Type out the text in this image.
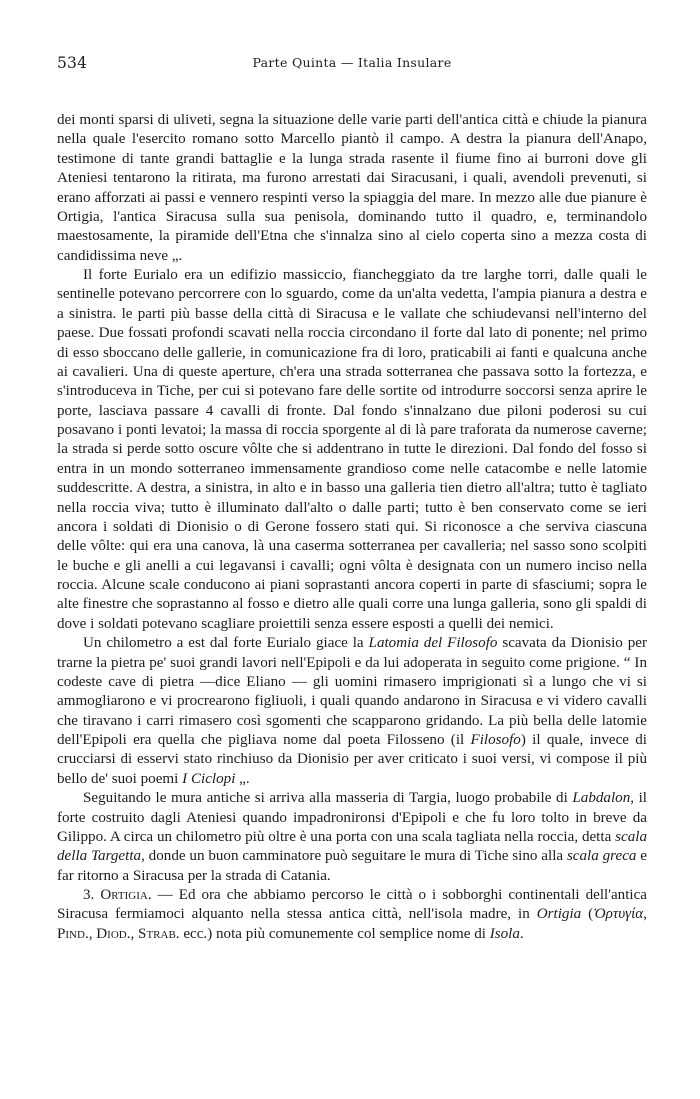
534	Parte Quinta — Italia Insulare

dei monti sparsi di uliveti, segna la situazione delle varie parti dell'antica città e chiude la pianura nella quale l'esercito romano sotto Marcello piantò il campo. A destra la pianura dell'Anapo, testimone di tante grandi battaglie e la lunga strada rasente il fiume fino ai burroni dove gli Ateniesi tentarono la ritirata, ma furono arrestati dai Siracusani, i quali, avendoli prevenuti, si erano afforzati ai passi e vennero respinti verso la spiaggia del mare. In mezzo alle due pianure è Ortigia, l'antica Siracusa sulla sua penisola, dominando tutto il quadro, e, terminandolo maestosamente, la piramide dell'Etna che s'innalza sino al cielo coperta sino a mezza costa di candidissima neve „.

Il forte Eurialo era un edifizio massiccio, fiancheggiato da tre larghe torri, dalle quali le sentinelle potevano percorrere con lo sguardo, come da un'alta vedetta, l'ampia pianura a destra e a sinistra. le parti più basse della città di Siracusa e le vallate che schiudevansi nell'interno del paese. Due fossati profondi scavati nella roccia circondano il forte dal lato di ponente; nel primo di esso sboccano delle gallerie, in comunicazione fra di loro, praticabili ai fanti e qualcuna anche ai cavalieri. Una di queste aperture, ch'era una strada sotterranea che passava sotto la fortezza, e s'introduceva in Tiche, per cui si potevano fare delle sortite od introdurre soccorsi senza aprire le porte, lasciava passare 4 cavalli di fronte. Dal fondo s'innalzano due piloni poderosi su cui posavano i ponti levatoi; la massa di roccia sporgente al di là pare traforata da numerose caverne; la strada si perde sotto oscure vôlte che si addentrano in tutte le direzioni. Dal fondo del fosso si entra in un mondo sotterraneo immensamente grandioso come nelle catacombe e nelle latomie suddescritte. A destra, a sinistra, in alto e in basso una galleria tien dietro all'altra; tutto è tagliato nella roccia viva; tutto è illuminato dall'alto o dalle parti; tutto è ben conservato come se ieri ancora i soldati di Dionisio o di Gerone fossero stati qui. Si riconosce a che serviva ciascuna delle vôlte: qui era una canova, là una caserma sotterranea per cavalleria; nel sasso sono scolpiti le buche e gli anelli a cui legavansi i cavalli; ogni vôlta è designata con un numero inciso nella roccia. Alcune scale conducono ai piani soprastanti ancora coperti in parte di sfasciumi; sopra le alte finestre che soprastanno al fosso e dietro alle quali corre una lunga galleria, sono gli spaldi di dove i soldati potevano scagliare proiettili senza essere esposti a quelli dei nemici.

Un chilometro a est dal forte Eurialo giace la Latomia del Filosofo scavata da Dionisio per trarne la pietra pe' suoi grandi lavori nell'Epipoli e da lui adoperata in seguito come prigione. “ In codeste cave di pietra —dice Eliano — gli uomini rimasero imprigionati sì a lungo che vi si ammogliarono e vi procrearono figliuoli, i quali quando andarono in Siracusa e vi videro cavalli che tiravano i carri rimasero così sgomenti che scapparono gridando. La più bella delle latomie dell'Epipoli era quella che pigliava nome dal poeta Filosseno (il Filosofo) il quale, invece di crucciarsi di esservi stato rinchiuso da Dionisio per aver criticato i suoi versi, vi compose il più bello de' suoi poemi I Ciclopi „.

Seguitando le mura antiche si arriva alla masseria di Targia, luogo probabile di Labdalon, il forte costruito dagli Ateniesi quando impadronironsi d'Epipoli e che fu loro tolto in breve da Gilippo. A circa un chilometro più oltre è una porta con una scala tagliata nella roccia, detta scala della Targetta, donde un buon camminatore può seguitare le mura di Tiche sino alla scala greca e far ritorno a Siracusa per la strada di Catania.

3. Ortigia. — Ed ora che abbiamo percorso le città o i sobborghi continentali dell'antica Siracusa fermiamoci alquanto nella stessa antica città, nell'isola madre, in Ortigia (Ὀρτυγία, Pind., Diod., Strab. ecc.) nota più comunemente col semplice nome di Isola.
